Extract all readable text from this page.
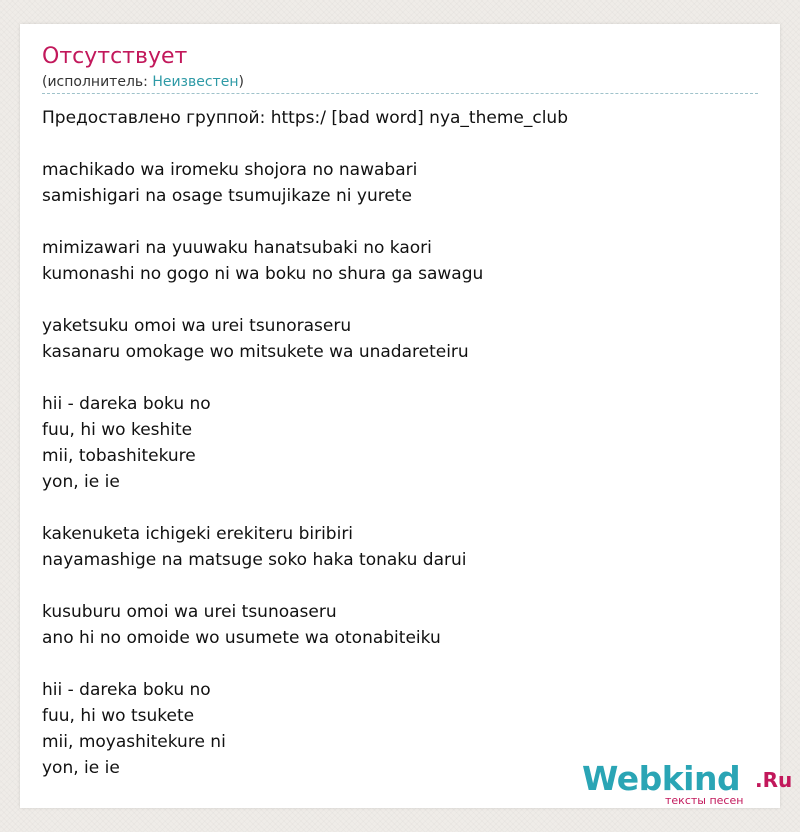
Отсутствует
(исполнитель: Неизвестен)
Предоставлено группой: https:/ [bad word] nya_theme_club
machikado wa iromeku shojora no nawabari
samishigari na osage tsumujikaze ni yurete
mimizawari na yuuwaku hanatsubaki no kaori
kumonashi no gogo ni wa boku no shura ga sawagu
yaketsuku omoi wa urei tsunoraseru
kasanaru omokage wo mitsukete wa unadareteiru
hii - dareka boku no
fuu, hi wo keshite
mii, tobashitekure
yon, ie ie
kakenuketa ichigeki erekiteru biribiri
nayamashige na matsuge soko haka tonaku darui
kusuburu omoi wa urei tsunoaseru
ano hi no omoide wo usumete wa otonabiteiku
hii - dareka boku no
fuu, hi wo tsukete
mii, moyashitekure ni
yon, ie ie	Webkind .Ru
тексты песен
